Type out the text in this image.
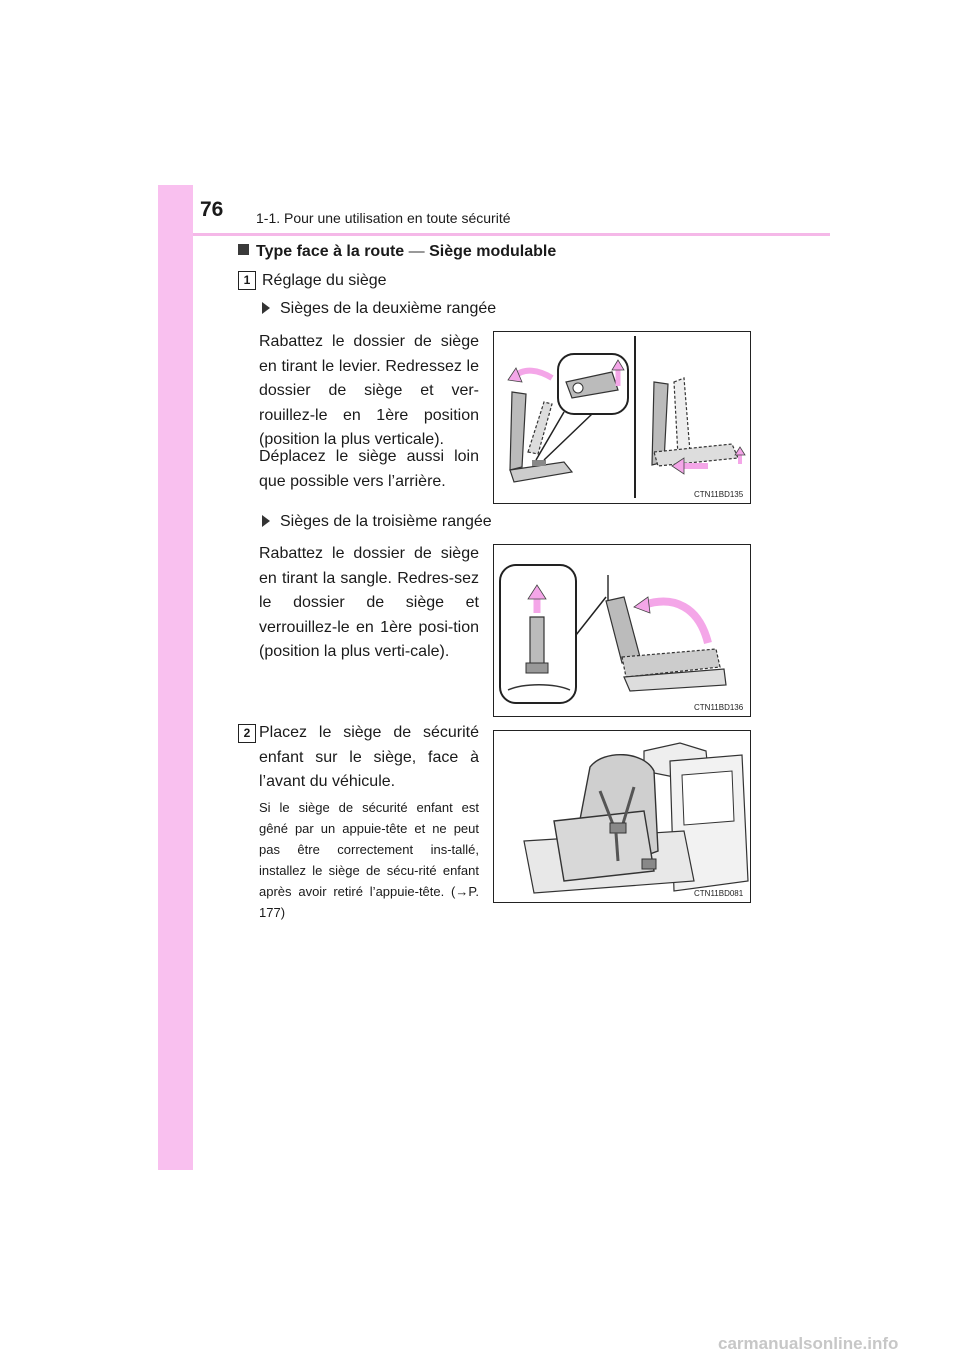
76 1-1. Pour une utilisation en toute sécurité
Type face à la route — Siège modulable
1 Réglage du siège
Sièges de la deuxième rangée
Rabattez le dossier de siège en tirant le levier. Redressez le dossier de siège et ver-rouillez-le en 1ère position (position la plus verticale).
Déplacez le siège aussi loin que possible vers l’arrière.
Sièges de la troisième rangée
Rabattez le dossier de siège en tirant la sangle. Redres-sez le dossier de siège et verrouillez-le en 1ère posi-tion (position la plus verti-cale).
2 Placez le siège de sécurité enfant sur le siège, face à l’avant du véhicule.
Si le siège de sécurité enfant est gêné par un appuie-tête et ne peut pas être correctement ins-tallé, installez le siège de sécu-rité enfant après avoir retiré l’appuie-tête. (→P. 177)
CTN11BD135
CTN11BD136
CTN11BD081
carmanualsonline.info
